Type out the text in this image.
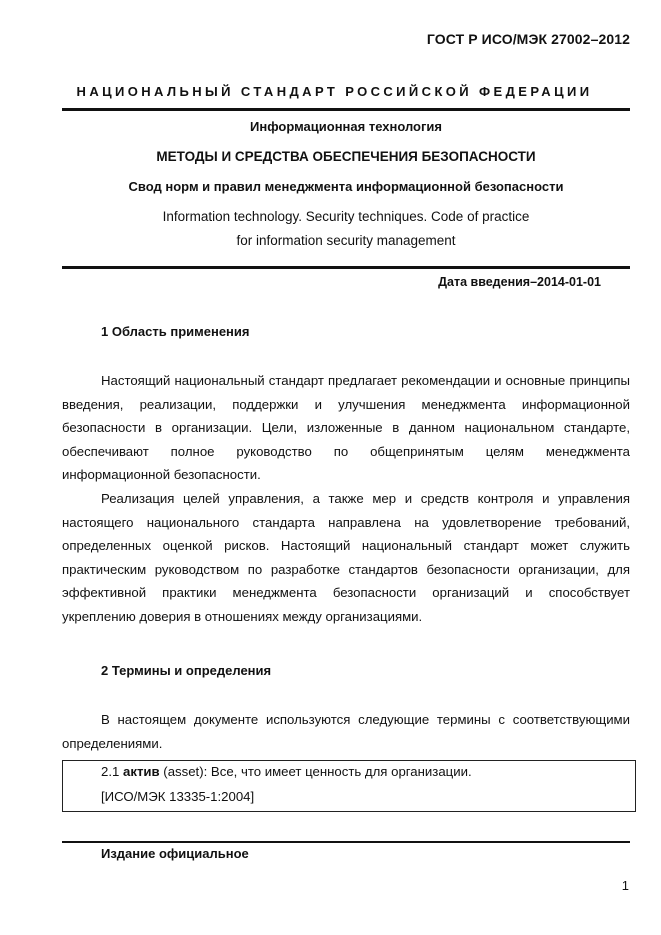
ГОСТ Р ИСО/МЭК 27002–2012
НАЦИОНАЛЬНЫЙ СТАНДАРТ РОССИЙСКОЙ ФЕДЕРАЦИИ
Информационная технология
МЕТОДЫ И СРЕДСТВА ОБЕСПЕЧЕНИЯ БЕЗОПАСНОСТИ
Свод норм и правил менеджмента информационной безопасности
Information technology. Security techniques. Code of practice
for information security management
Дата введения–2014-01-01
1 Область применения

Настоящий национальный стандарт предлагает рекомендации и основные принципы введения, реализации, поддержки и улучшения менеджмента информационной безопасности в организации. Цели, изложенные в данном национальном стандарте, обеспечивают полное руководство по общепринятым целям менеджмента информационной безопасности.

Реализация целей управления, а также мер и средств контроля и управления настоящего национального стандарта направлена на удовлетворение требований, определенных оценкой рисков. Настоящий национальный стандарт может служить практическим руководством по разработке стандартов безопасности организации, для эффективной практики менеджмента безопасности организаций и способствует укреплению доверия в отношениях между организациями.

2 Термины и определения

В настоящем документе используются следующие термины с соответствующими определениями.

2.1 актив (asset): Все, что имеет ценность для организации.
[ИСО/МЭК 13335-1:2004]
Издание официальное
1
